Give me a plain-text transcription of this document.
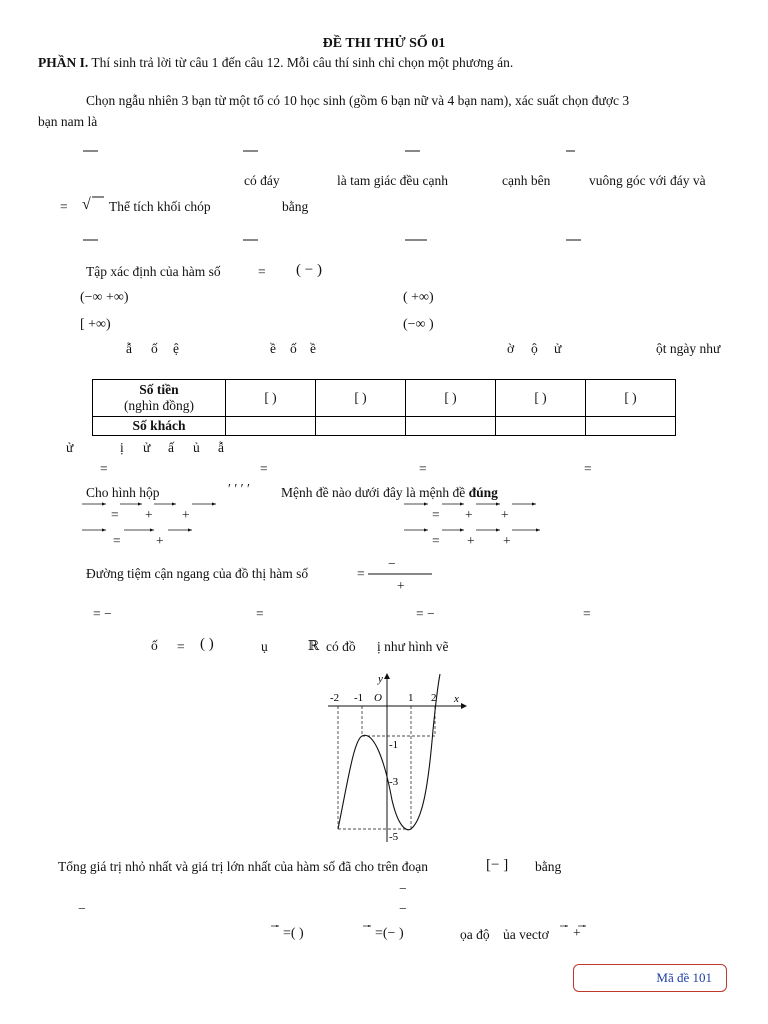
ĐỀ THI THỬ SỐ 01
PHẦN I. Thí sinh trả lời từ câu 1 đến câu 12. Mỗi câu thí sinh chỉ chọn một phương án.
Chọn ngẫu nhiên 3 bạn từ một tổ có 10 học sinh (gồm 6 bạn nữ và 4 bạn nam), xác suất chọn được 3
bạn nam là
có đáy	là tam giác đều cạnh	cạnh bên	vuông góc với đáy và
= √ Thể tích khối chóp	bằng
Tập xác định của hàm số	= ( − )
(−∞ +∞)	( +∞)
[ +∞)	(−∞ )
ẫ ố ệ	ề ố ề	ờ ộ ử	ột ngày như
Số tiền
(nghìn đồng)	[ )	[ )	[ )	[ )	[ )
Số khách					
ử	ị ử ấ ủ ẫ
=	=	=	=
Cho hình hộp	′ ′ ′ ′ Mệnh đề nào dưới đây là mệnh đề đúng
= + +
=	+
= + +
= + +
Đường tiệm cận ngang của đồ thị hàm số	=
−
+
= −	=	= −	=
ố = ( )	ụ	ℝ có đồ ị như hình vẽ
y
x
O
-2 -1	1 2
-1
-3
-5
Tổng giá trị nhỏ nhất và giá trị lớn nhất của hàm số đã cho trên đoạn	[− ] bằng
−
−	−
=( )	=(− )	ọa độ ủa vectơ +
Mã đề 101
